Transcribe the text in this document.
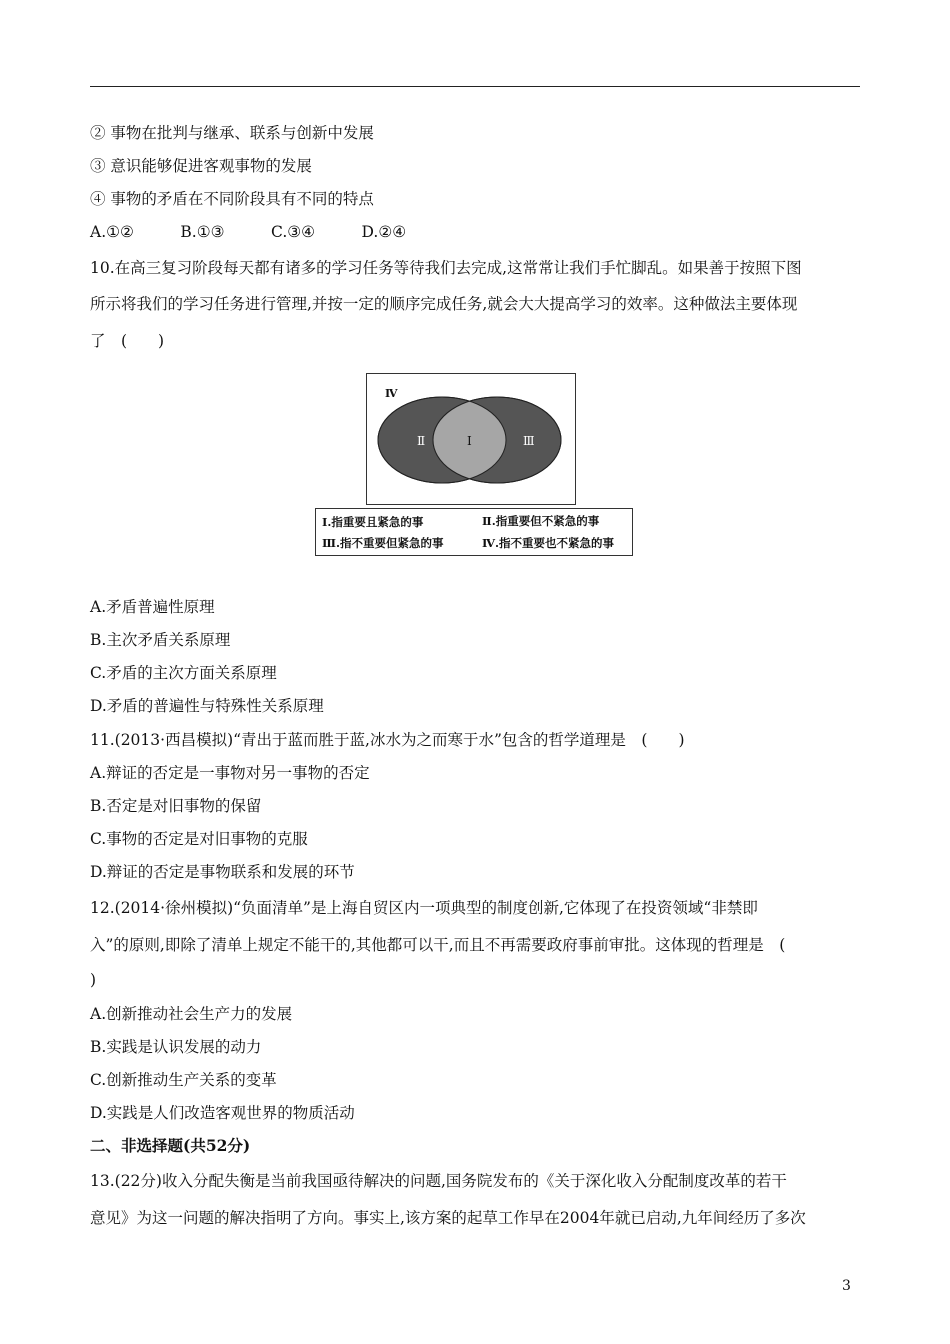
② 事物在批判与继承、联系与创新中发展
③ 意识能够促进客观事物的发展
④ 事物的矛盾在不同阶段具有不同的特点
A.①②　　　B.①③　　　C.③④　　　D.②④
10.在高三复习阶段每天都有诸多的学习任务等待我们去完成,这常常让我们手忙脚乱。如果善于按照下图
所示将我们的学习任务进行管理,并按一定的顺序完成任务,就会大大提高学习的效率。这种做法主要体现
了　(　　)
Ⅳ
Ⅱ	Ⅰ	Ⅲ
Ⅰ.指重要且紧急的事	Ⅱ.指重要但不紧急的事
Ⅲ.指不重要但紧急的事	Ⅳ.指不重要也不紧急的事
A.矛盾普遍性原理
B.主次矛盾关系原理
C.矛盾的主次方面关系原理
D.矛盾的普遍性与特殊性关系原理
11.(2013·西昌模拟)“青出于蓝而胜于蓝,冰水为之而寒于水”包含的哲学道理是　(　　)
A.辩证的否定是一事物对另一事物的否定
B.否定是对旧事物的保留
C.事物的否定是对旧事物的克服
D.辩证的否定是事物联系和发展的环节
12.(2014·徐州模拟)“负面清单”是上海自贸区内一项典型的制度创新,它体现了在投资领域“非禁即
入”的原则,即除了清单上规定不能干的,其他都可以干,而且不再需要政府事前审批。这体现的哲理是　(
)
A.创新推动社会生产力的发展
B.实践是认识发展的动力
C.创新推动生产关系的变革
D.实践是人们改造客观世界的物质活动
二、非选择题(共52分)
13.(22分)收入分配失衡是当前我国亟待解决的问题,国务院发布的《关于深化收入分配制度改革的若干
意见》为这一问题的解决指明了方向。事实上,该方案的起草工作早在2004年就已启动,九年间经历了多次
3
